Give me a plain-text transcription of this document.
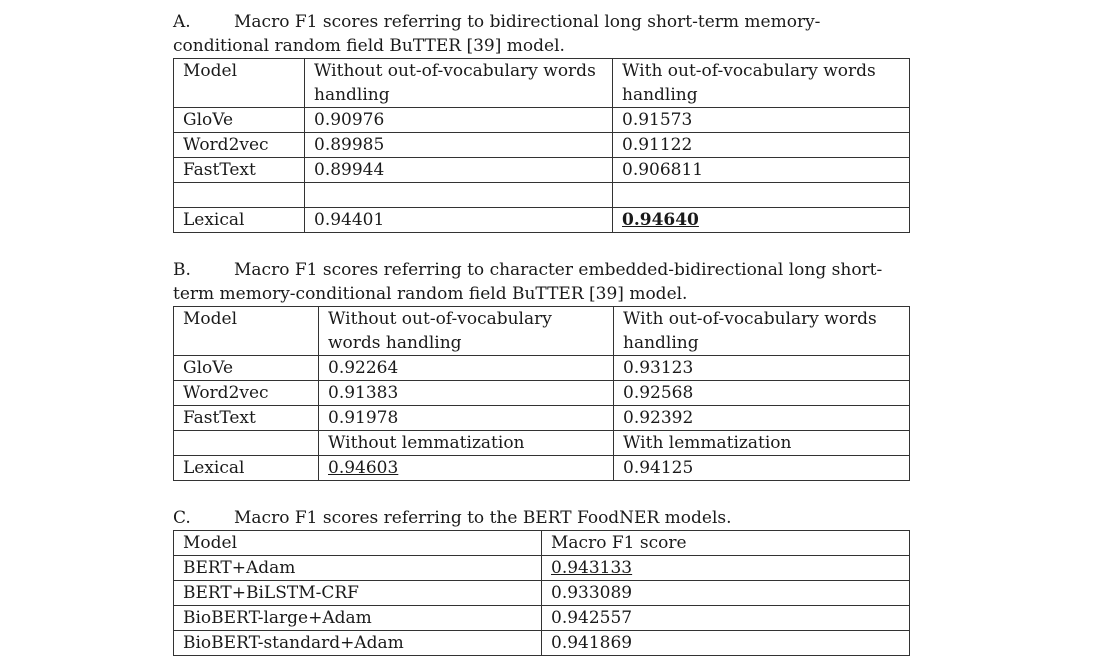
A.	Macro F1 scores referring to bidirectional long short-term memory-conditional random field BuTTER [39] model.

Model	Without out-of-vocabulary words handling	With out-of-vocabulary words handling
GloVe	0.90976	0.91573
Word2vec	0.89985	0.91122
FastText	0.89944	0.906811

Lexical	0.94401	0.94640

B.	Macro F1 scores referring to character embedded-bidirectional long short-term memory-conditional random field BuTTER [39] model.

Model	Without out-of-vocabulary words handling	With out-of-vocabulary words handling
GloVe	0.92264	0.93123
Word2vec	0.91383	0.92568
FastText	0.91978	0.92392
	Without lemmatization	With lemmatization
Lexical	0.94603	0.94125

C.	Macro F1 scores referring to the BERT FoodNER models.

Model	Macro F1 score
BERT+Adam	0.943133
BERT+BiLSTM-CRF	0.933089
BioBERT-large+Adam	0.942557
BioBERT-standard+Adam	0.941869
